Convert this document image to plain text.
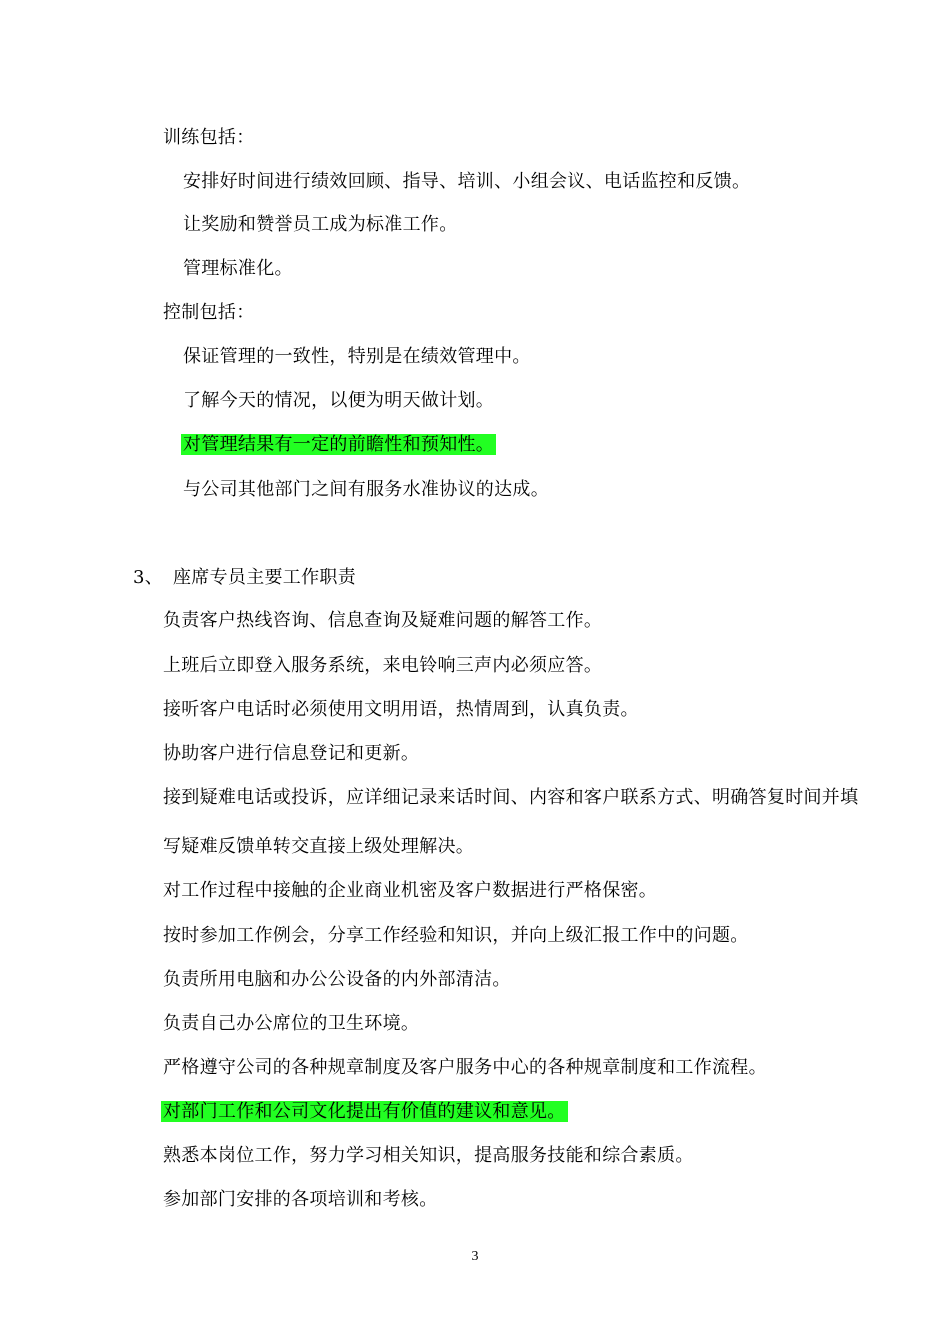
训练包括：
安排好时间进行绩效回顾、指导、培训、小组会议、电话监控和反馈。
让奖励和赞誉员工成为标准工作。
管理标准化。
控制包括：
保证管理的一致性，特别是在绩效管理中。
了解今天的情况，以便为明天做计划。
对管理结果有一定的前瞻性和预知性。
与公司其他部门之间有服务水准协议的达成。
3、 座席专员主要工作职责
负责客户热线咨询、信息查询及疑难问题的解答工作。
上班后立即登入服务系统，来电铃响三声内必须应答。
接听客户电话时必须使用文明用语，热情周到，认真负责。
协助客户进行信息登记和更新。
接到疑难电话或投诉，应详细记录来话时间、内容和客户联系方式、明确答复时间并填
写疑难反馈单转交直接上级处理解决。
对工作过程中接触的企业商业机密及客户数据进行严格保密。
按时参加工作例会，分享工作经验和知识，并向上级汇报工作中的问题。
负责所用电脑和办公公设备的内外部清洁。
负责自己办公席位的卫生环境。
严格遵守公司的各种规章制度及客户服务中心的各种规章制度和工作流程。
对部门工作和公司文化提出有价值的建议和意见。
熟悉本岗位工作，努力学习相关知识，提高服务技能和综合素质。
参加部门安排的各项培训和考核。
3
